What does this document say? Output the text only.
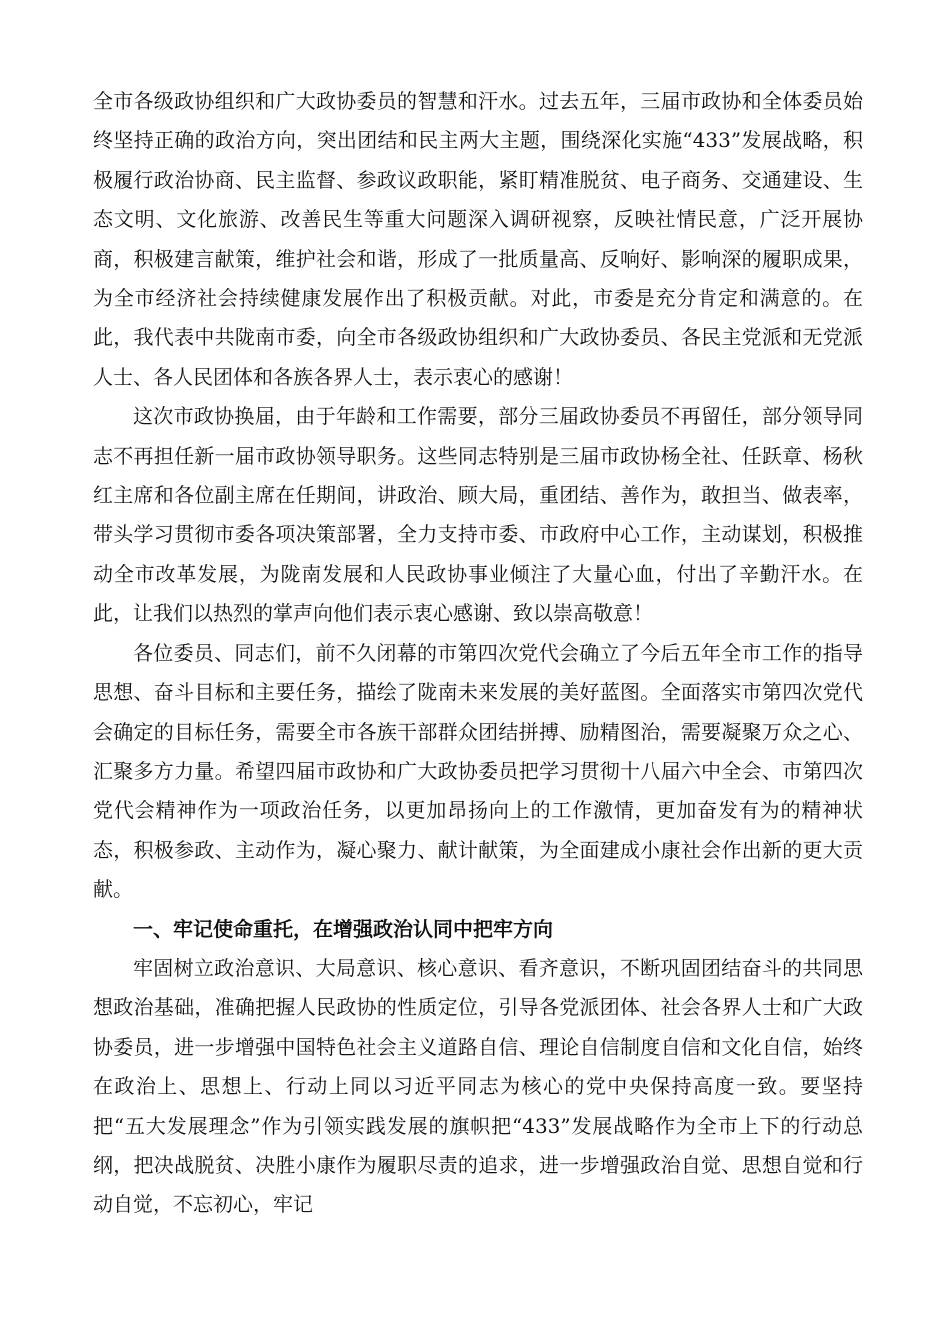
全市各级政协组织和广大政协委员的智慧和汗水。过去五年，三届市政协和全体委员始终坚持正确的政治方向，突出团结和民主两大主题，围绕深化实施“433”发展战略，积极履行政治协商、民主监督、参政议政职能，紧盯精准脱贫、电子商务、交通建设、生态文明、文化旅游、改善民生等重大问题深入调研视察，反映社情民意，广泛开展协商，积极建言献策，维护社会和谐，形成了一批质量高、反响好、影响深的履职成果，为全市经济社会持续健康发展作出了积极贡献。对此，市委是充分肯定和满意的。在此，我代表中共陇南市委，向全市各级政协组织和广大政协委员、各民主党派和无党派人士、各人民团体和各族各界人士，表示衷心的感谢！

这次市政协换届，由于年龄和工作需要，部分三届政协委员不再留任，部分领导同志不再担任新一届市政协领导职务。这些同志特别是三届市政协杨全社、任跃章、杨秋红主席和各位副主席在任期间，讲政治、顾大局，重团结、善作为，敢担当、做表率，带头学习贯彻市委各项决策部署，全力支持市委、市政府中心工作，主动谋划，积极推动全市改革发展，为陇南发展和人民政协事业倾注了大量心血，付出了辛勤汗水。在此，让我们以热烈的掌声向他们表示衷心感谢、致以崇高敬意！

各位委员、同志们，前不久闭幕的市第四次党代会确立了今后五年全市工作的指导思想、奋斗目标和主要任务，描绘了陇南未来发展的美好蓝图。全面落实市第四次党代会确定的目标任务，需要全市各族干部群众团结拼搏、励精图治，需要凝聚万众之心、汇聚多方力量。希望四届市政协和广大政协委员把学习贯彻十八届六中全会、市第四次党代会精神作为一项政治任务，以更加昂扬向上的工作激情，更加奋发有为的精神状态，积极参政、主动作为，凝心聚力、献计献策，为全面建成小康社会作出新的更大贡献。

一、牢记使命重托，在增强政治认同中把牢方向

牢固树立政治意识、大局意识、核心意识、看齐意识，不断巩固团结奋斗的共同思想政治基础，准确把握人民政协的性质定位，引导各党派团体、社会各界人士和广大政协委员，进一步增强中国特色社会主义道路自信、理论自信制度自信和文化自信，始终在政治上、思想上、行动上同以习近平同志为核心的党中央保持高度一致。要坚持把“五大发展理念”作为引领实践发展的旗帜把“433”发展战略作为全市上下的行动总纲，把决战脱贫、决胜小康作为履职尽责的追求，进一步增强政治自觉、思想自觉和行动自觉，不忘初心，牢记
